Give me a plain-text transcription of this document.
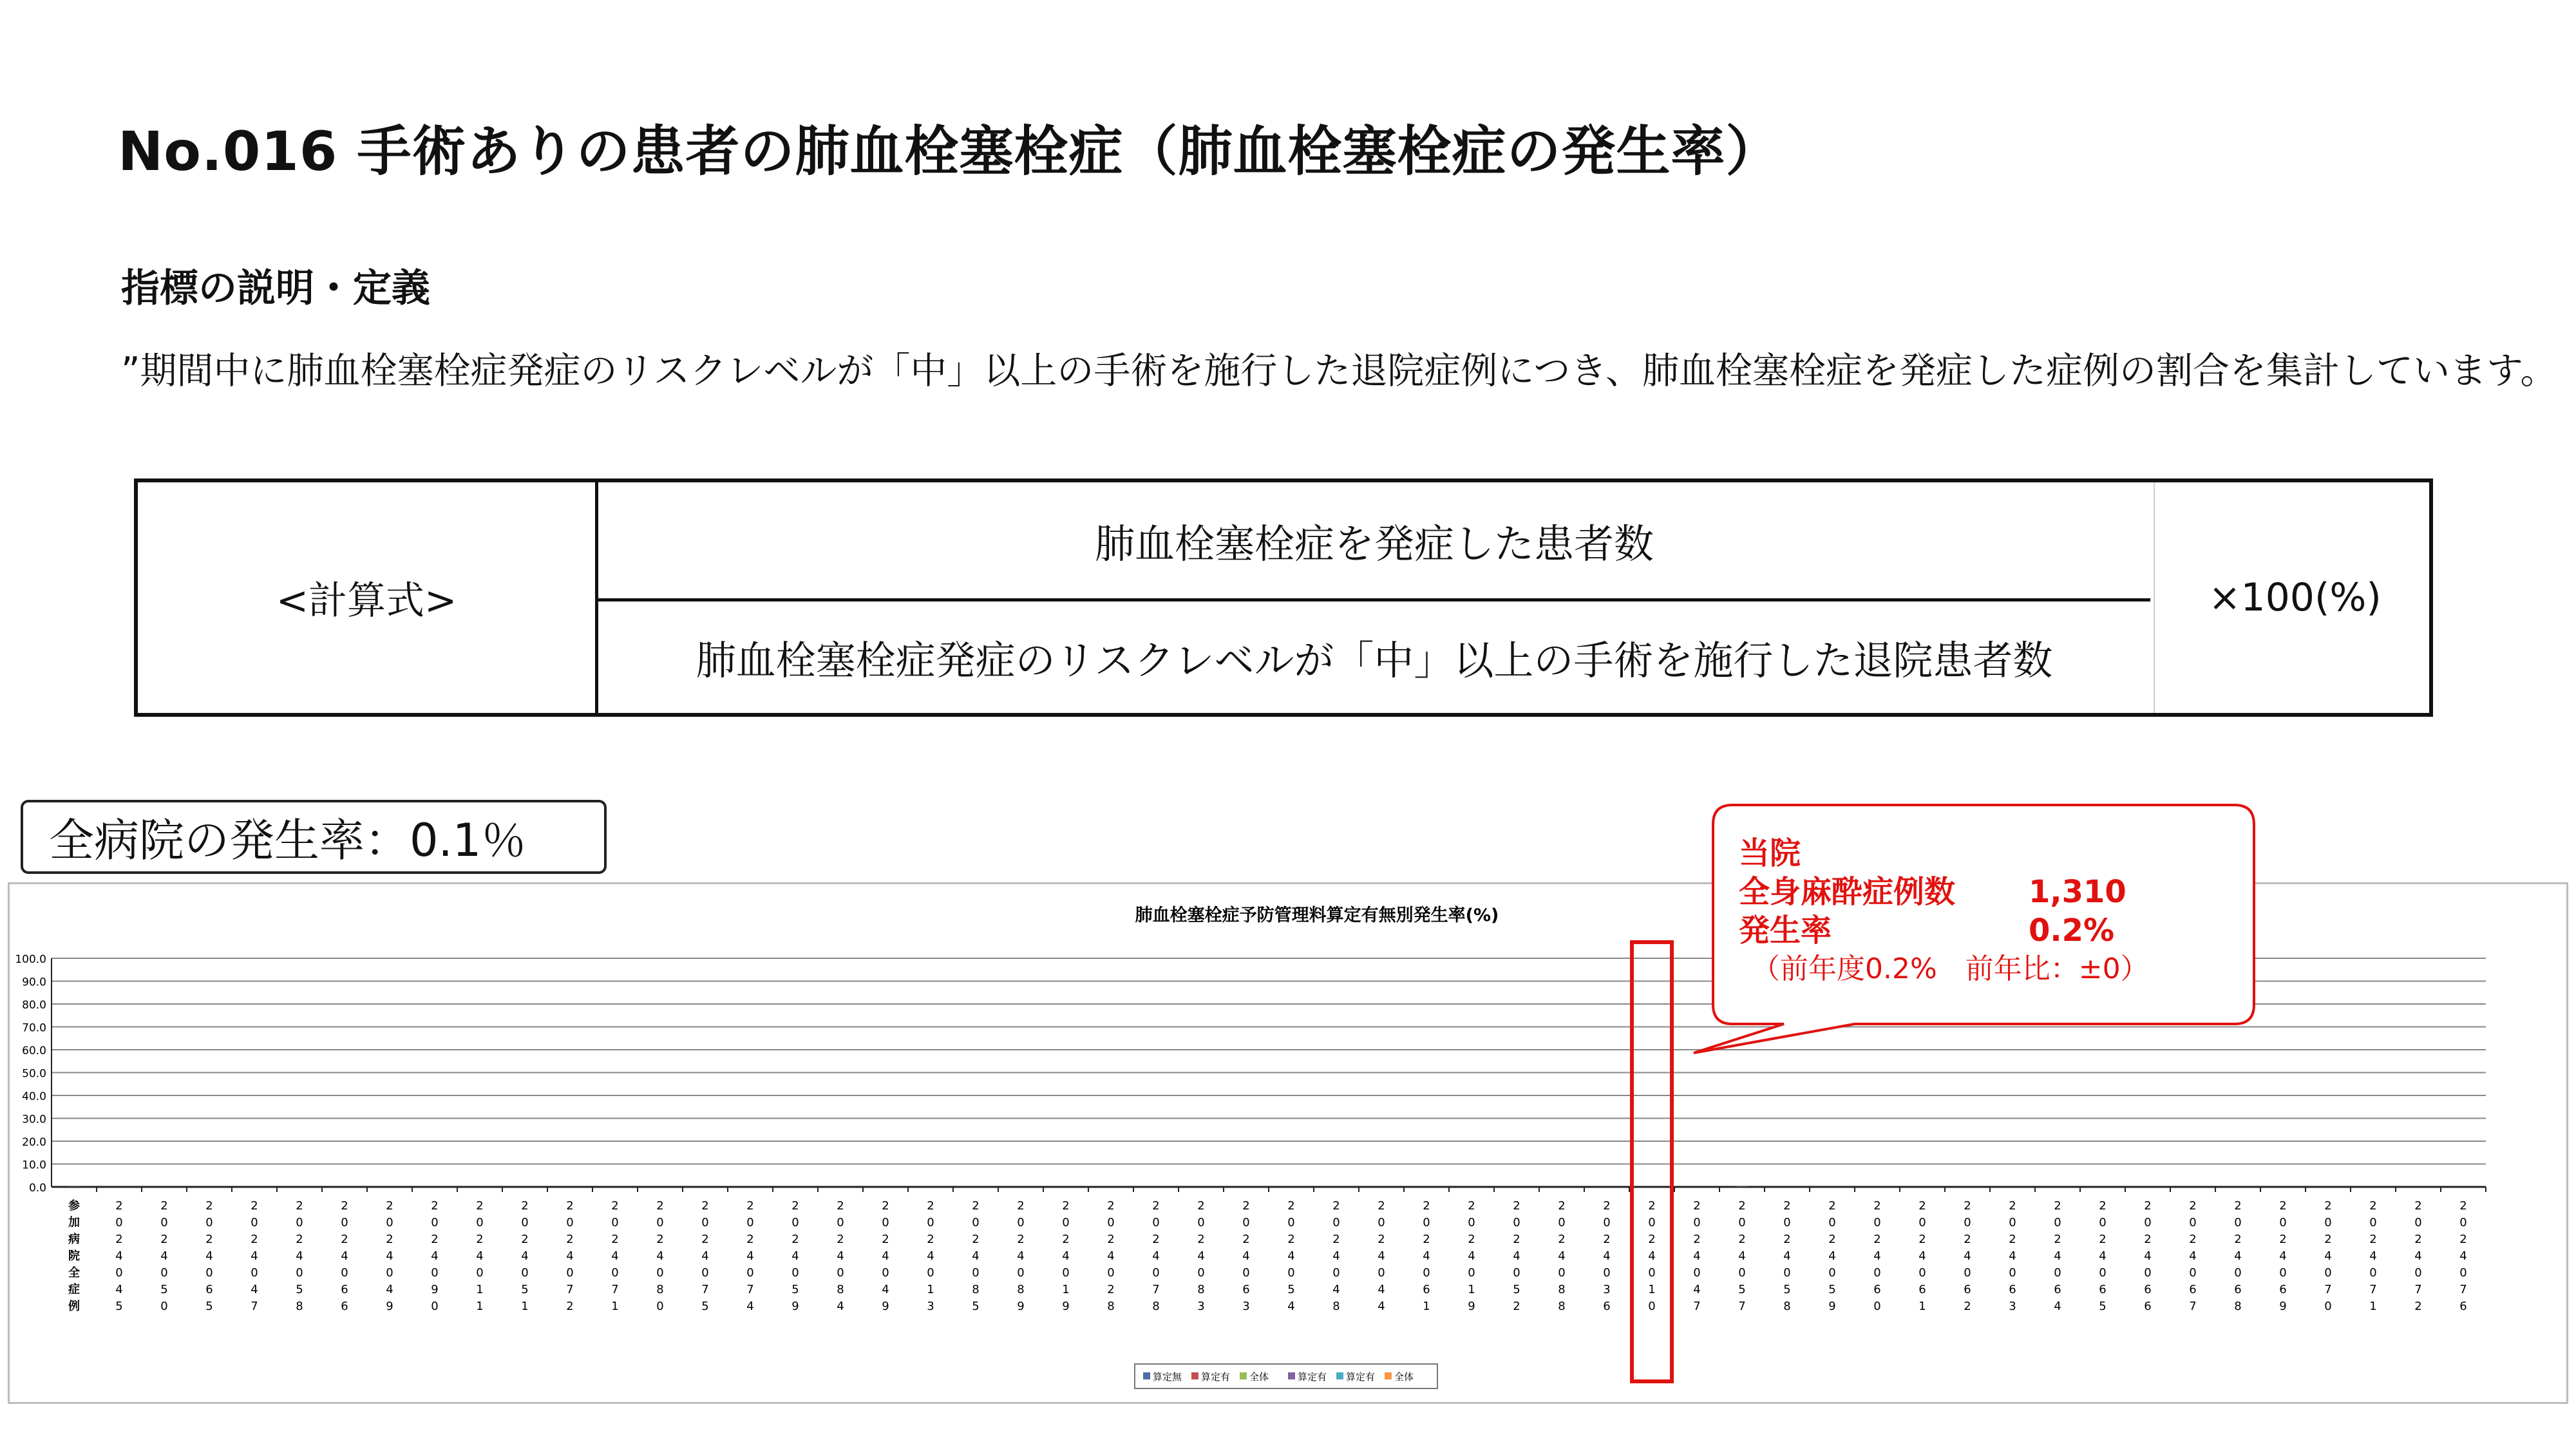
No.016 手術ありの患者の肺血栓塞栓症（肺血栓塞栓症の発生率）
指標の説明・定義
”期間中に肺血栓塞栓症発症のリスクレベルが「中」以上の手術を施行した退院症例につき、肺血栓塞栓症を発症した症例の割合を集計しています。
<計算式>
肺血栓塞栓症を発症した患者数
肺血栓塞栓症発症のリスクレベルが「中」以上の手術を施行した退院患者数
×100(%)
全病院の発生率：0.1％
肺血栓塞栓症予防管理料算定有無別発生率(%)
100.0
90.0
80.0
70.0
60.0
50.0
40.0
30.0
20.0
10.0
0.0
参
加
病
院
全
症
例
2
0
2
4
0
4
5
2
0
2
4
0
5
0
2
0
2
4
0
6
5
2
0
2
4
0
4
7
2
0
2
4
0
5
8
2
0
2
4
0
6
6
2
0
2
4
0
4
9
2
0
2
4
0
9
0
2
0
2
4
0
1
1
2
0
2
4
0
5
1
2
0
2
4
0
7
2
2
0
2
4
0
7
1
2
0
2
4
0
8
0
2
0
2
4
0
7
5
2
0
2
4
0
7
4
2
0
2
4
0
5
9
2
0
2
4
0
8
4
2
0
2
4
0
4
9
2
0
2
4
0
1
3
2
0
2
4
0
8
5
2
0
2
4
0
8
9
2
0
2
4
0
1
9
2
0
2
4
0
2
8
2
0
2
4
0
7
8
2
0
2
4
0
8
3
2
0
2
4
0
6
3
2
0
2
4
0
5
4
2
0
2
4
0
4
8
2
0
2
4
0
4
4
2
0
2
4
0
6
1
2
0
2
4
0
1
9
2
0
2
4
0
5
2
2
0
2
4
0
8
8
2
0
2
4
0
3
6
2
0
2
4
0
1
0
2
0
2
4
0
4
7
2
0
2
4
0
5
7
2
0
2
4
0
5
8
2
0
2
4
0
5
9
2
0
2
4
0
6
0
2
0
2
4
0
6
1
2
0
2
4
0
6
2
2
0
2
4
0
6
3
2
0
2
4
0
6
4
2
0
2
4
0
6
5
2
0
2
4
0
6
6
2
0
2
4
0
6
7
2
0
2
4
0
6
8
2
0
2
4
0
6
9
2
0
2
4
0
7
0
2
0
2
4
0
7
1
2
0
2
4
0
7
2
2
0
2
4
0
7
6
算定無 算定有 全体	算定有 算定有 全体
当院
全身麻酔症例数	1,310
発生率	0.2%
（前年度0.2%　前年比：±0）
